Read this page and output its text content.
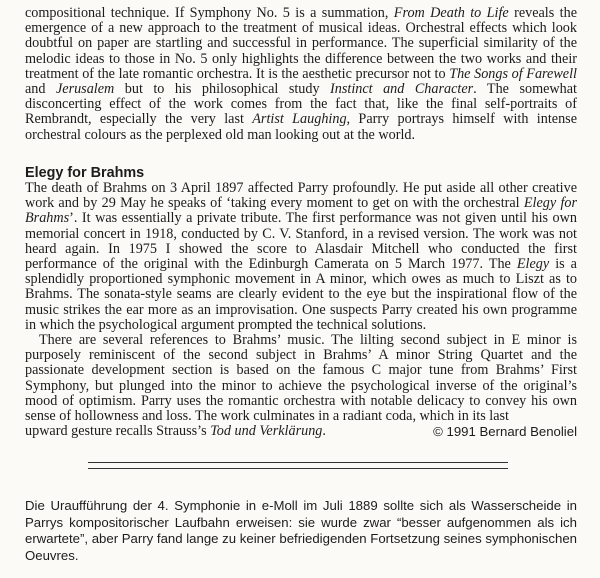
compositional technique. If Symphony No. 5 is a summation, From Death to Life reveals the emergence of a new approach to the treatment of musical ideas. Orchestral effects which look doubtful on paper are startling and successful in performance. The superficial similarity of the melodic ideas to those in No. 5 only highlights the difference between the two works and their treatment of the late romantic orchestra. It is the aesthetic precursor not to The Songs of Farewell and Jerusalem but to his philosophical study Instinct and Character. The somewhat disconcerting effect of the work comes from the fact that, like the final self-portraits of Rembrandt, especially the very last Artist Laughing, Parry portrays himself with intense orchestral colours as the perplexed old man looking out at the world.

Elegy for Brahms

The death of Brahms on 3 April 1897 affected Parry profoundly. He put aside all other creative work and by 29 May he speaks of ‘taking every moment to get on with the orchestral Elegy for Brahms’. It was essentially a private tribute. The first performance was not given until his own memorial concert in 1918, conducted by C. V. Stanford, in a revised version. The work was not heard again. In 1975 I showed the score to Alasdair Mitchell who conducted the first performance of the original with the Edinburgh Camerata on 5 March 1977. The Elegy is a splendidly proportioned symphonic movement in A minor, which owes as much to Liszt as to Brahms. The sonata-style seams are clearly evident to the eye but the inspirational flow of the music strikes the ear more as an improvisation. One suspects Parry created his own programme in which the psychological argument prompted the technical solutions.

There are several references to Brahms’ music. The lilting second subject in E minor is purposely reminiscent of the second subject in Brahms’ A minor String Quartet and the passionate development section is based on the famous C major tune from Brahms’ First Symphony, but plunged into the minor to achieve the psychological inverse of the original’s mood of optimism. Parry uses the romantic orchestra with notable delicacy to convey his own sense of hollowness and loss. The work culminates in a radiant coda, which in its last

upward gesture recalls Strauss’s Tod und Verklärung.	© 1991 Bernard Benoliel

Die Uraufführung der 4. Symphonie in e-Moll im Juli 1889 sollte sich als Wasserscheide in Parrys kompositorischer Laufbahn erweisen: sie wurde zwar “besser aufgenommen als ich erwartete”, aber Parry fand lange zu keiner befriedigenden Fortsetzung seines symphonischen Oeuvres.
